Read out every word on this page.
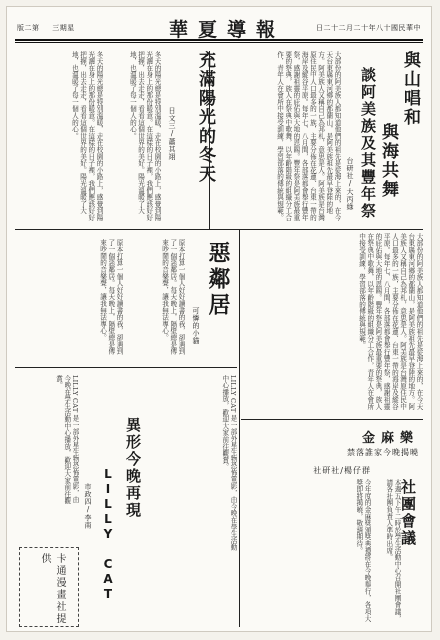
版二第 三期星	華夏導報	日二十二月二十年八十國民華中
與山唱和
與海共舞
談阿美族及其豐年祭
台研社/大丙綠
大部份的阿美族人都知道他們的祖先是從海上來的，在今天台東縣東河鄉的都蘭山，是阿美族祖先最早登陸的地方。阿美族人又稱自己為邦札，意思是人。阿美族是台灣原住民中人口最多的一族，主要分佈在花蓮、台東一帶的海岸及縱谷平原。每年七、八月間，各部落都會舉行豐年祭，感謝祖靈的庇佑與大地的恩賜。豐年祭是阿美族最重要的祭典，族人在祭典中歌舞，以年齡階級的組織分工合作，青年人在會所中接受訓練，學習部落的傳統與規範。
大部份的阿美族人都知道他們的祖先是從海上來的，在今天台東縣東河鄉的都蘭山，是阿美族祖先最早登陸的地方。阿美族人又稱自己為邦札，意思是人。阿美族是台灣原住民中人口最多的一族，主要分佈在花蓮、台東一帶的海岸及縱谷平原。每年七、八月間，各部落都會舉行豐年祭，感謝祖靈的庇佑與大地的恩賜。豐年祭是阿美族最重要的祭典，族人在祭典中歌舞，以年齡階級的組織分工合作，青年人在會所中接受訓練，學習部落的傳統與規範。
充滿陽光的冬天
日文三/蕭其翊
冬天的陽光總是特別溫暖，走在校園的小路上，感覺到陽光灑在身上的那份暖意。在這樣的日子裡，我們應該好好把握，出去走走，看看這個世界的美好。陽光溫暖了大地，也溫暖了每一個人的心。
冬天的陽光總是特別溫暖，走在校園的小路上，感覺到陽光灑在身上的那份暖意。在這樣的日子裡，我們應該好好把握，出去走走，看看這個世界的美好。陽光溫暖了大地，也溫暖了每一個人的心。
惡鄰居
可憐的小貓
原本打算一個人好好讀書的我，卻遇到了一個惡鄰居。每天晚上，隔壁總是傳來吵鬧的音樂聲，讓我無法專心。
原本打算一個人好好讀書的我，卻遇到了一個惡鄰居。每天晚上，隔壁總是傳來吵鬧的音樂聲，讓我無法專心。
異形今晚再現
LILLY CAT
市政四/李南	LILLY CAT 是一部外星生物恐怖電影，由今晚在學生活動中心播放，歡迎大家前往觀賞。
LILLY CAT 是一部外星生物恐怖電影，由今晚在學生活動中心播放，歡迎大家前往觀賞。
卡通漫畫社提供
金麻樂
禁落誰家今晚揭曉
社研社/楊仔群
今年度的金麻獎頒獎典禮將在今晚舉行，各項大獎即將揭曉，敬請期待。	社團會議
本週五下午二時於學生活動中心召開社團會議，請各社團負責人準時出席。
